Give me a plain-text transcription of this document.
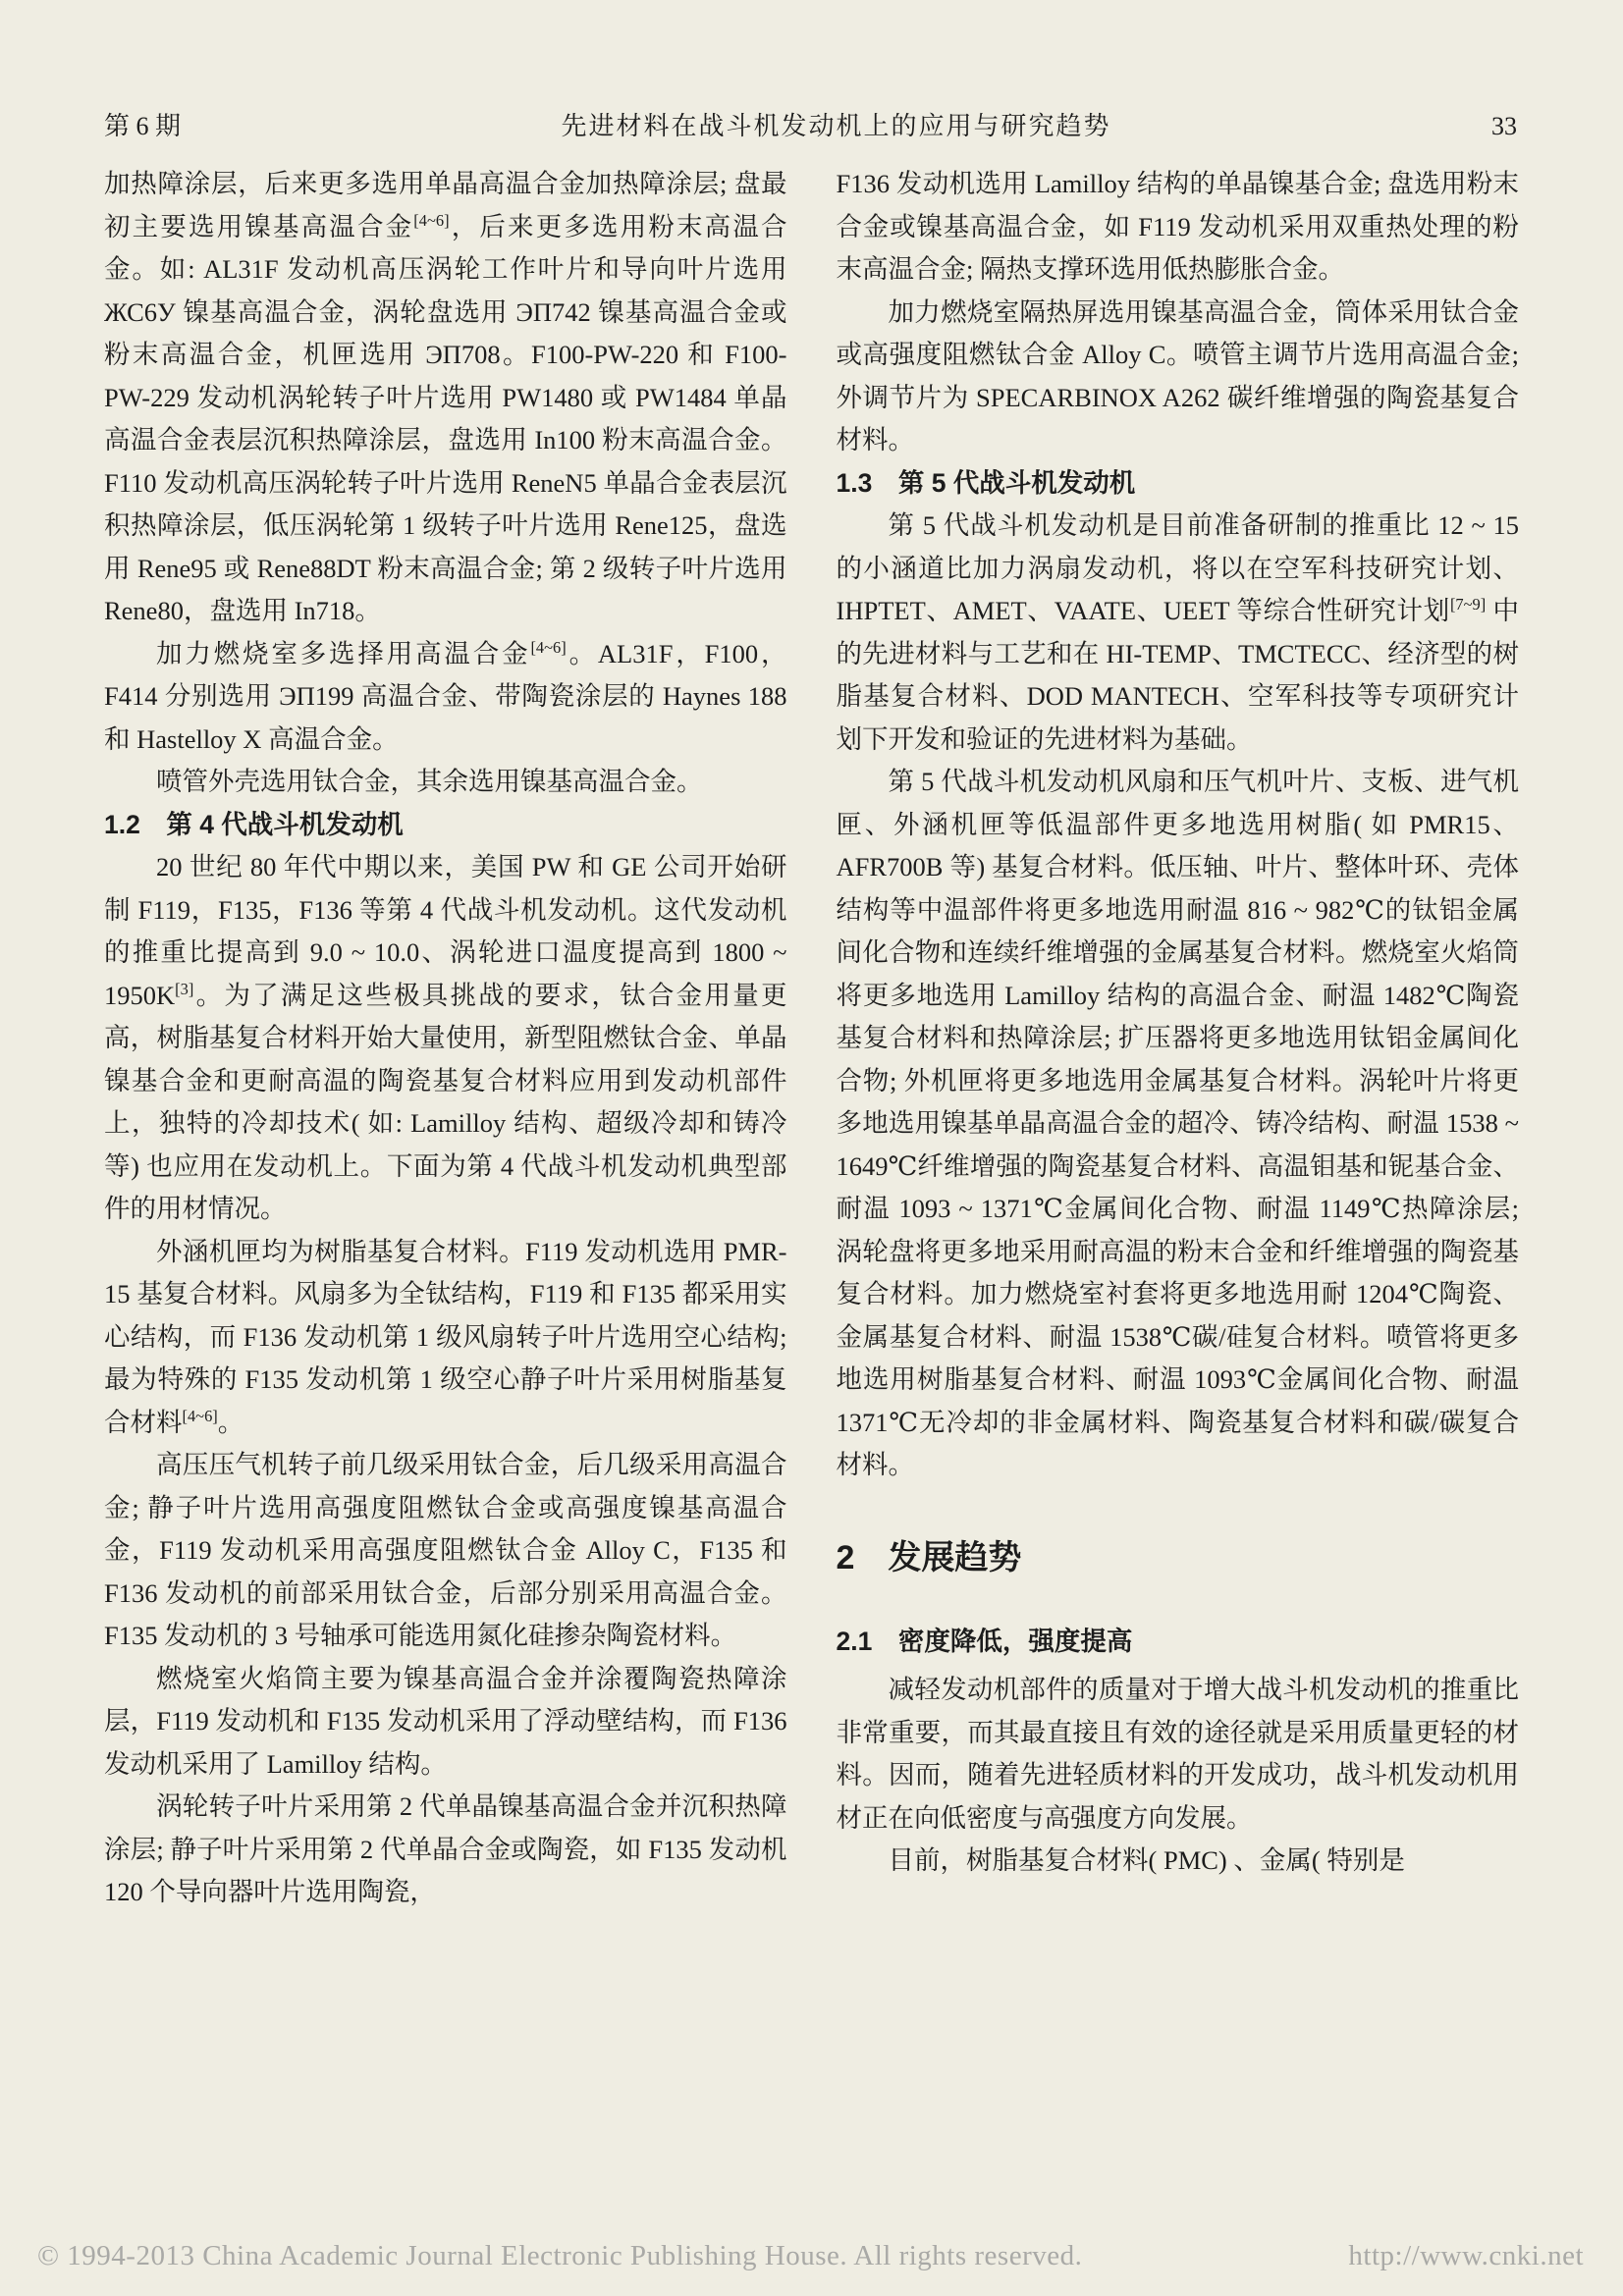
第 6 期	先进材料在战斗机发动机上的应用与研究趋势	33

加热障涂层，后来更多选用单晶高温合金加热障涂层; 盘最初主要选用镍基高温合金[4~6]，后来更多选用粉末高温合金。如: AL31F 发动机高压涡轮工作叶片和导向叶片选用 ЖС6У 镍基高温合金，涡轮盘选用 ЭП742 镍基高温合金或粉末高温合金，机匣选用 ЭП708。F100-PW-220 和 F100-PW-229 发动机涡轮转子叶片选用 PW1480 或 PW1484 单晶高温合金表层沉积热障涂层，盘选用 In100 粉末高温合金。F110 发动机高压涡轮转子叶片选用 ReneN5 单晶合金表层沉积热障涂层，低压涡轮第 1 级转子叶片选用 Rene125，盘选用 Rene95 或 Rene88DT 粉末高温合金; 第 2 级转子叶片选用 Rene80，盘选用 In718。

加力燃烧室多选择用高温合金[4~6]。AL31F，F100，F414 分别选用 ЭП199 高温合金、带陶瓷涂层的 Haynes 188 和 Hastelloy X 高温合金。

喷管外壳选用钛合金，其余选用镍基高温合金。

1.2　第 4 代战斗机发动机

20 世纪 80 年代中期以来，美国 PW 和 GE 公司开始研制 F119，F135，F136 等第 4 代战斗机发动机。这代发动机的推重比提高到 9.0 ~ 10.0、涡轮进口温度提高到 1800 ~ 1950K[3]。为了满足这些极具挑战的要求，钛合金用量更高，树脂基复合材料开始大量使用，新型阻燃钛合金、单晶镍基合金和更耐高温的陶瓷基复合材料应用到发动机部件上，独特的冷却技术( 如: Lamilloy 结构、超级冷却和铸冷等) 也应用在发动机上。下面为第 4 代战斗机发动机典型部件的用材情况。

外涵机匣均为树脂基复合材料。F119 发动机选用 PMR-15 基复合材料。风扇多为全钛结构，F119 和 F135 都采用实心结构，而 F136 发动机第 1 级风扇转子叶片选用空心结构; 最为特殊的 F135 发动机第 1 级空心静子叶片采用树脂基复合材料[4~6]。

高压压气机转子前几级采用钛合金，后几级采用高温合金; 静子叶片选用高强度阻燃钛合金或高强度镍基高温合金，F119 发动机采用高强度阻燃钛合金 Alloy C，F135 和 F136 发动机的前部采用钛合金，后部分别采用高温合金。F135 发动机的 3 号轴承可能选用氮化硅掺杂陶瓷材料。

燃烧室火焰筒主要为镍基高温合金并涂覆陶瓷热障涂层，F119 发动机和 F135 发动机采用了浮动壁结构，而 F136 发动机采用了 Lamilloy 结构。

涡轮转子叶片采用第 2 代单晶镍基高温合金并沉积热障涂层; 静子叶片采用第 2 代单晶合金或陶瓷，如 F135 发动机 120 个导向器叶片选用陶瓷，

F136 发动机选用 Lamilloy 结构的单晶镍基合金; 盘选用粉末合金或镍基高温合金，如 F119 发动机采用双重热处理的粉末高温合金; 隔热支撑环选用低热膨胀合金。

加力燃烧室隔热屏选用镍基高温合金，筒体采用钛合金或高强度阻燃钛合金 Alloy C。喷管主调节片选用高温合金; 外调节片为 SPECARBINOX A262 碳纤维增强的陶瓷基复合材料。

1.3　第 5 代战斗机发动机

第 5 代战斗机发动机是目前准备研制的推重比 12 ~ 15 的小涵道比加力涡扇发动机，将以在空军科技研究计划、IHPTET、AMET、VAATE、UEET 等综合性研究计划[7~9] 中的先进材料与工艺和在 HI-TEMP、TMCTECC、经济型的树脂基复合材料、DOD MANTECH、空军科技等专项研究计划下开发和验证的先进材料为基础。

第 5 代战斗机发动机风扇和压气机叶片、支板、进气机匣、外涵机匣等低温部件更多地选用树脂( 如 PMR15、AFR700B 等) 基复合材料。低压轴、叶片、整体叶环、壳体结构等中温部件将更多地选用耐温 816 ~ 982℃的钛铝金属间化合物和连续纤维增强的金属基复合材料。燃烧室火焰筒将更多地选用 Lamilloy 结构的高温合金、耐温 1482℃陶瓷基复合材料和热障涂层; 扩压器将更多地选用钛铝金属间化合物; 外机匣将更多地选用金属基复合材料。涡轮叶片将更多地选用镍基单晶高温合金的超冷、铸冷结构、耐温 1538 ~ 1649℃纤维增强的陶瓷基复合材料、高温钼基和铌基合金、耐温 1093 ~ 1371℃金属间化合物、耐温 1149℃热障涂层; 涡轮盘将更多地采用耐高温的粉末合金和纤维增强的陶瓷基复合材料。加力燃烧室衬套将更多地选用耐 1204℃陶瓷、金属基复合材料、耐温 1538℃碳/硅复合材料。喷管将更多地选用树脂基复合材料、耐温 1093℃金属间化合物、耐温 1371℃无冷却的非金属材料、陶瓷基复合材料和碳/碳复合材料。

2　发展趋势
2.1　密度降低，强度提高

减轻发动机部件的质量对于增大战斗机发动机的推重比非常重要，而其最直接且有效的途径就是采用质量更轻的材料。因而，随着先进轻质材料的开发成功，战斗机发动机用材正在向低密度与高强度方向发展。

目前，树脂基复合材料( PMC) 、金属( 特别是

© 1994-2013 China Academic Journal Electronic Publishing House. All rights reserved.	http://www.cnki.net
